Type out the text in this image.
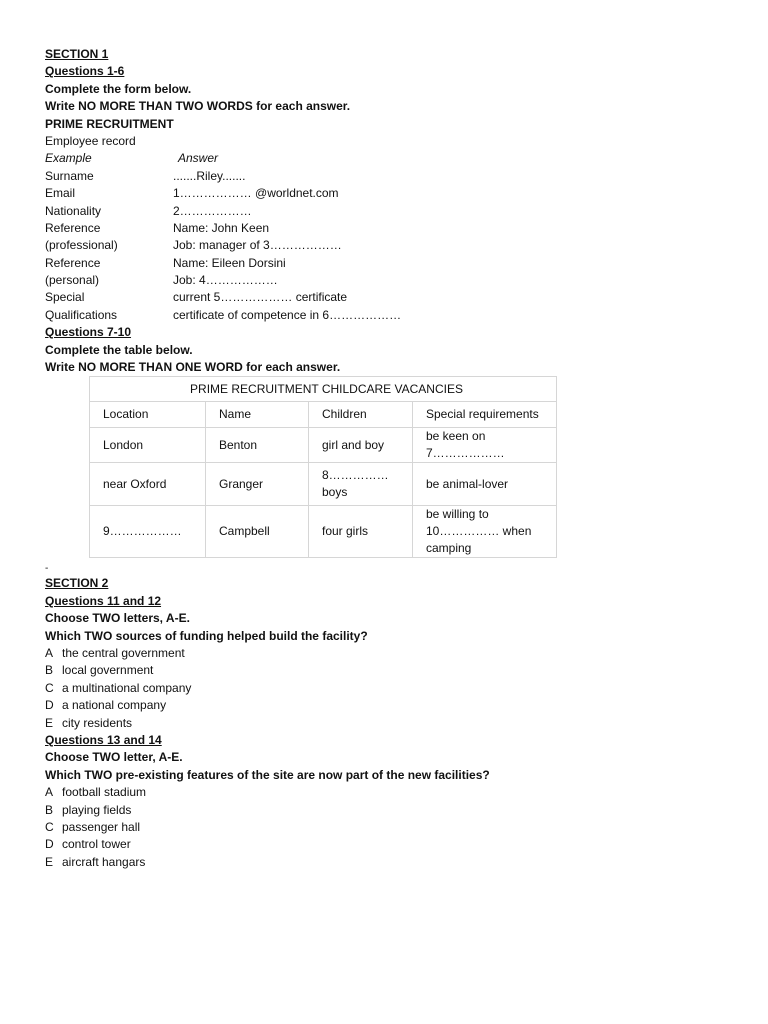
SECTION 1
Questions 1-6
Complete the form below.
Write NO MORE THAN TWO WORDS for each answer.
PRIME RECRUITMENT
Employee record
Example	Answer
Surname	.......Riley.......
Email	1……………… @worldnet.com
Nationality	2………………
Reference	Name: John Keen
(professional)	Job: manager of 3………………
Reference	Name: Eileen Dorsini
(personal)	Job: 4………………
Special	current 5……………… certificate
Qualifications	certificate of competence in 6………………
Questions 7-10
Complete the table below.
Write NO MORE THAN ONE WORD for each answer.
PRIME RECRUITMENT CHILDCARE VACANCIES			
Location	Name	Children	Special requirements
London	Benton	girl and boy	be keen on 7………………
near Oxford	Granger	8…………… boys	be animal-lover
9………………	Campbell	four girls	be willing to 10…………… when camping
-
SECTION 2
Questions 11 and 12
Choose TWO letters, A-E.
Which TWO sources of funding helped build the facility?
A the central government
B local government
C a multinational company
D a national company
E city residents
Questions 13 and 14
Choose TWO letter, A-E.
Which TWO pre-existing features of the site are now part of the new facilities?
A football stadium
B playing fields
C passenger hall
D control tower
E aircraft hangars
